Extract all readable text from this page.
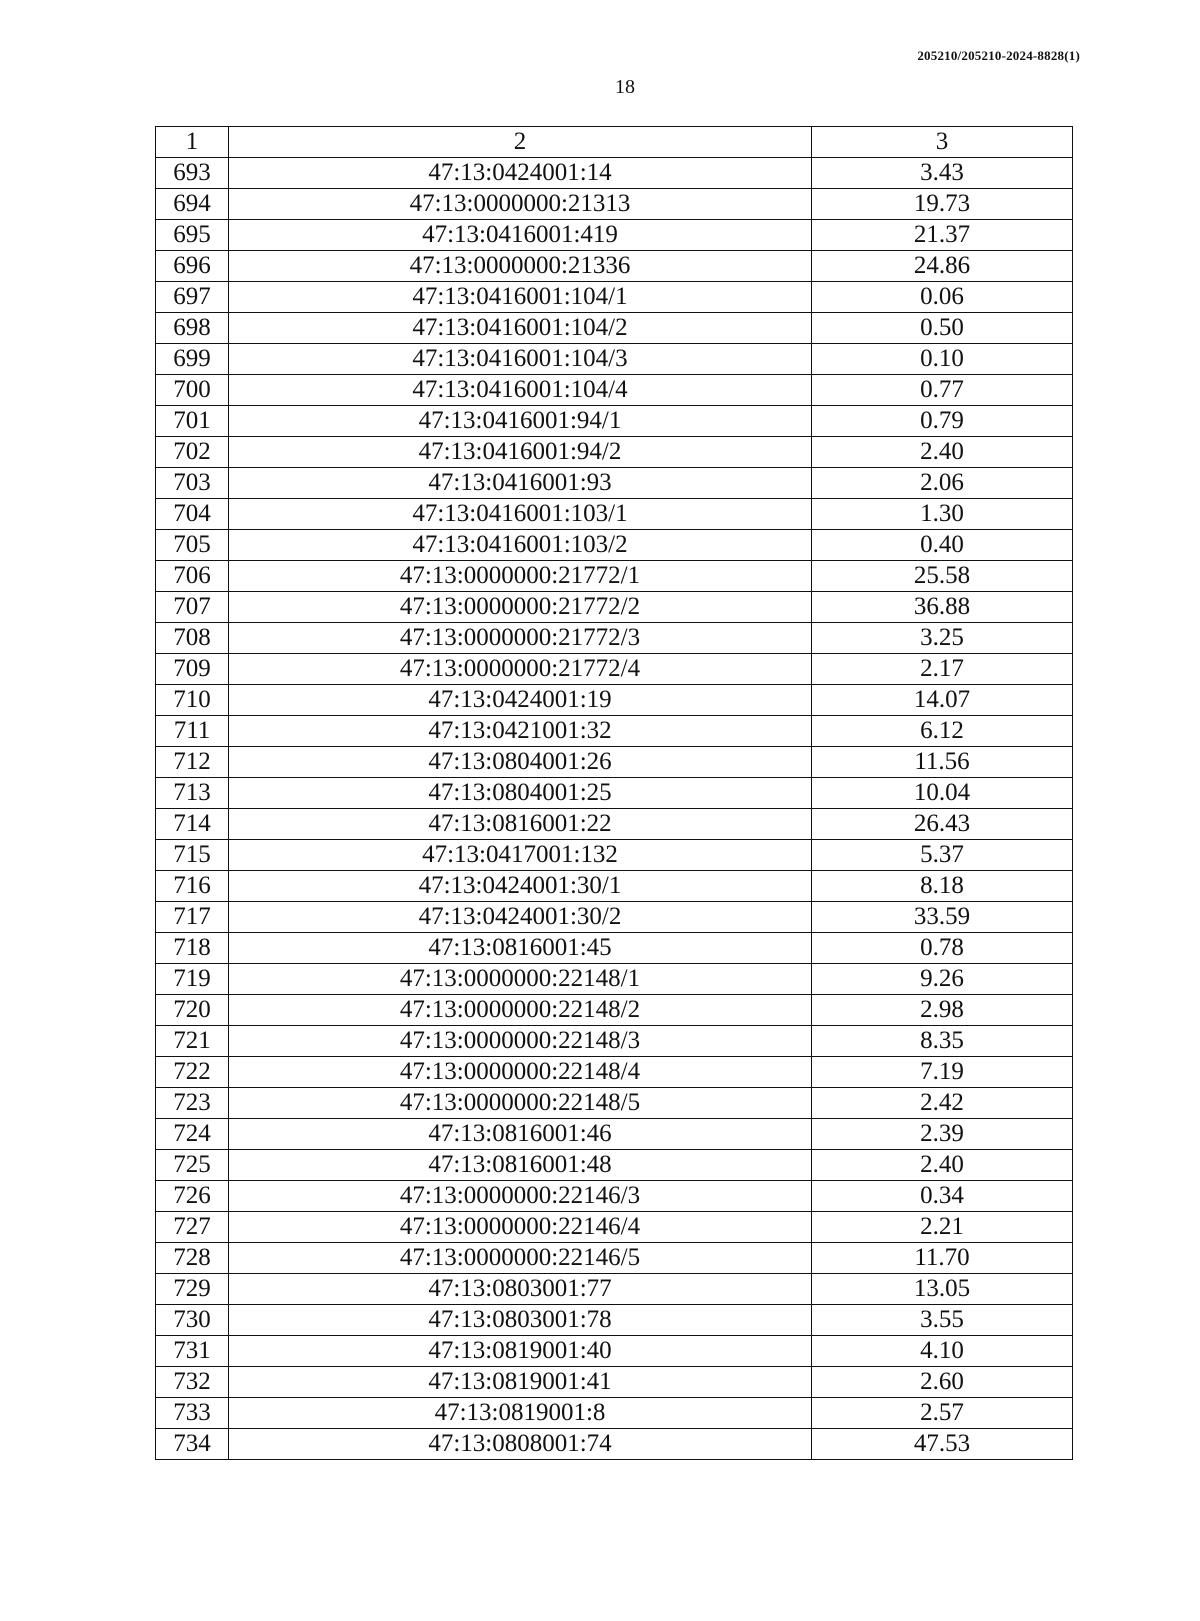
205210/205210-2024-8828(1)
18
1	2	3
693	47:13:0424001:14	3.43
694	47:13:0000000:21313	19.73
695	47:13:0416001:419	21.37
696	47:13:0000000:21336	24.86
697	47:13:0416001:104/1	0.06
698	47:13:0416001:104/2	0.50
699	47:13:0416001:104/3	0.10
700	47:13:0416001:104/4	0.77
701	47:13:0416001:94/1	0.79
702	47:13:0416001:94/2	2.40
703	47:13:0416001:93	2.06
704	47:13:0416001:103/1	1.30
705	47:13:0416001:103/2	0.40
706	47:13:0000000:21772/1	25.58
707	47:13:0000000:21772/2	36.88
708	47:13:0000000:21772/3	3.25
709	47:13:0000000:21772/4	2.17
710	47:13:0424001:19	14.07
711	47:13:0421001:32	6.12
712	47:13:0804001:26	11.56
713	47:13:0804001:25	10.04
714	47:13:0816001:22	26.43
715	47:13:0417001:132	5.37
716	47:13:0424001:30/1	8.18
717	47:13:0424001:30/2	33.59
718	47:13:0816001:45	0.78
719	47:13:0000000:22148/1	9.26
720	47:13:0000000:22148/2	2.98
721	47:13:0000000:22148/3	8.35
722	47:13:0000000:22148/4	7.19
723	47:13:0000000:22148/5	2.42
724	47:13:0816001:46	2.39
725	47:13:0816001:48	2.40
726	47:13:0000000:22146/3	0.34
727	47:13:0000000:22146/4	2.21
728	47:13:0000000:22146/5	11.70
729	47:13:0803001:77	13.05
730	47:13:0803001:78	3.55
731	47:13:0819001:40	4.10
732	47:13:0819001:41	2.60
733	47:13:0819001:8	2.57
734	47:13:0808001:74	47.53
